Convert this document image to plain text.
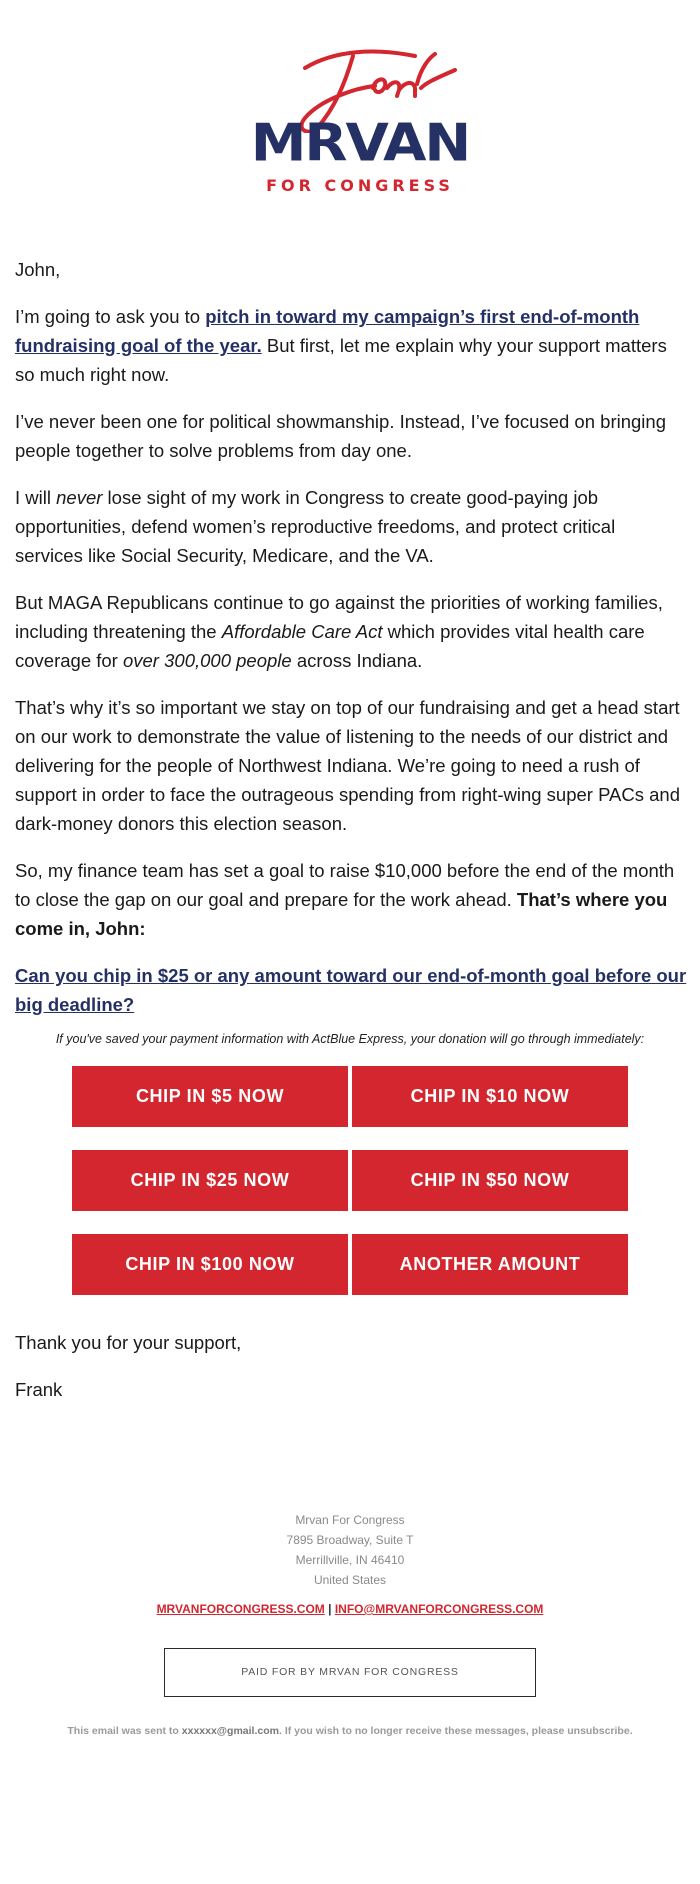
MRVAN
FOR CONGRESS

John,

I’m going to ask you to pitch in toward my campaign’s first end-of-month fundraising goal of the year. But first, let me explain why your support matters so much right now.

I’ve never been one for political showmanship. Instead, I’ve focused on bringing people together to solve problems from day one.

I will never lose sight of my work in Congress to create good-paying job opportunities, defend women’s reproductive freedoms, and protect critical services like Social Security, Medicare, and the VA.

But MAGA Republicans continue to go against the priorities of working families, including threatening the Affordable Care Act which provides vital health care coverage for over 300,000 people across Indiana.

That’s why it’s so important we stay on top of our fundraising and get a head start on our work to demonstrate the value of listening to the needs of our district and delivering for the people of Northwest Indiana. We’re going to need a rush of support in order to face the outrageous spending from right-wing super PACs and dark-money donors this election season.

So, my finance team has set a goal to raise $10,000 before the end of the month to close the gap on our goal and prepare for the work ahead. That’s where you come in, John:

Can you chip in $25 or any amount toward our end-of-month goal before our big deadline?

If you've saved your payment information with ActBlue Express, your donation will go through immediately:
CHIP IN $5 NOW	CHIP IN $10 NOW
CHIP IN $25 NOW	CHIP IN $50 NOW
CHIP IN $100 NOW	ANOTHER AMOUNT
Thank you for your support,
Frank
Mrvan For Congress
7895 Broadway, Suite T
Merrillville, IN 46410
United States
MRVANFORCONGRESS.COM | INFO@MRVANFORCONGRESS.COM
PAID FOR BY MRVAN FOR CONGRESS
This email was sent to xxxxxx@gmail.com. If you wish to no longer receive these messages, please unsubscribe.
